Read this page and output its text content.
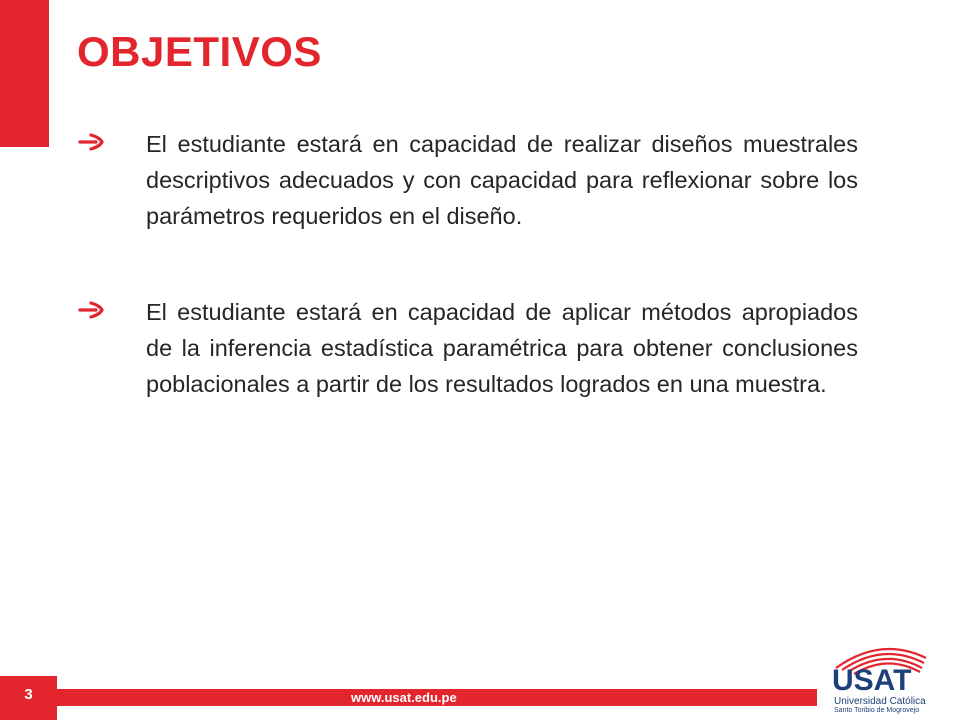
OBJETIVOS
El estudiante estará en capacidad de realizar diseños muestrales descriptivos adecuados y con capacidad para reflexionar sobre los parámetros requeridos en el diseño.
El estudiante estará en capacidad de aplicar métodos apropiados de la inferencia estadística paramétrica para obtener conclusiones poblacionales a partir de los resultados logrados en una muestra.
3	www.usat.edu.pe
USAT
Universidad Católica
Santo Toribio de Mogrovejo
